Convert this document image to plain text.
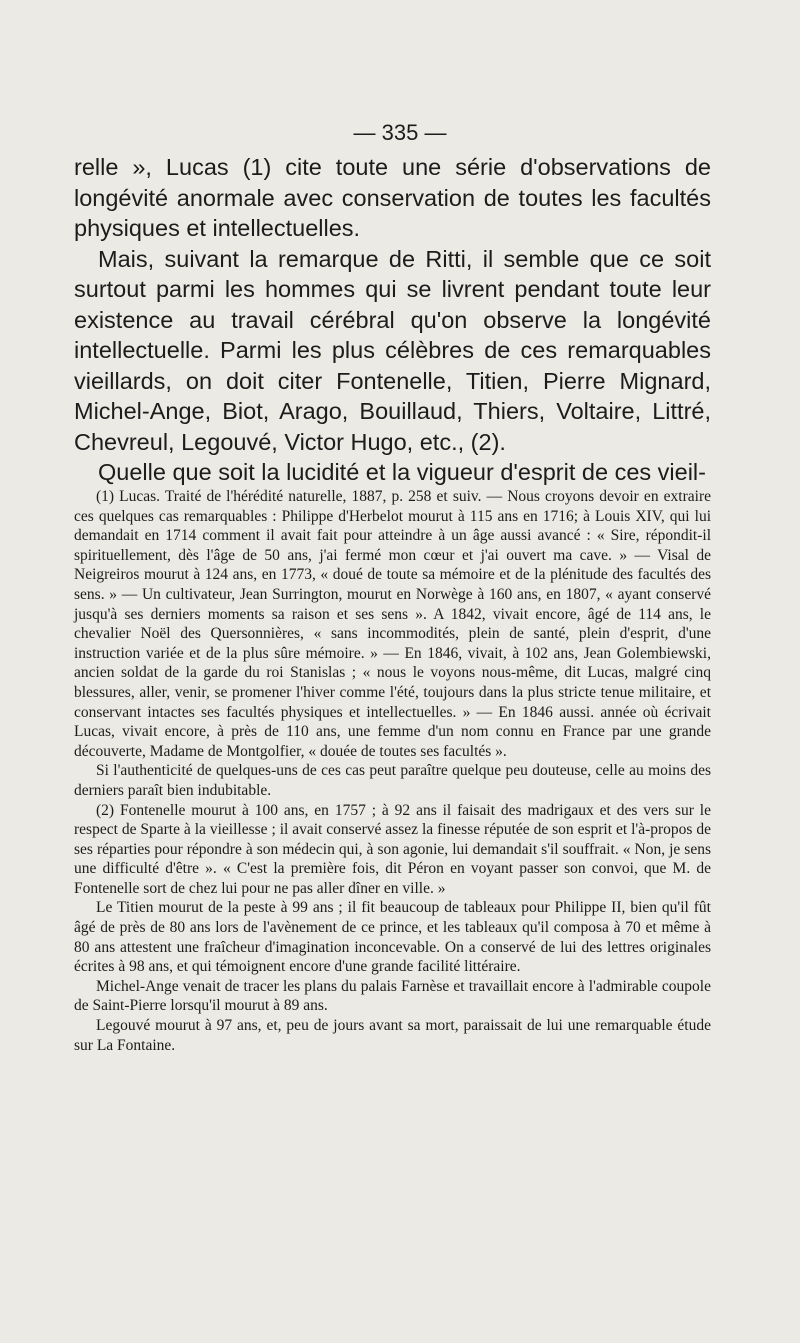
— 335 —

relle », Lucas (1) cite toute une série d'observations de longévité anormale avec conservation de toutes les facultés physiques et intellectuelles.

Mais, suivant la remarque de Ritti, il semble que ce soit surtout parmi les hommes qui se livrent pendant toute leur existence au travail cérébral qu'on observe la longévité intellectuelle. Parmi les plus célèbres de ces remarquables vieillards, on doit citer Fontenelle, Titien, Pierre Mignard, Michel-Ange, Biot, Arago, Bouillaud, Thiers, Voltaire, Littré, Chevreul, Legouvé, Victor Hugo, etc., (2).

Quelle que soit la lucidité et la vigueur d'esprit de ces vieil-

(1) Lucas. Traité de l'hérédité naturelle, 1887, p. 258 et suiv. — Nous croyons devoir en extraire ces quelques cas remarquables : Philippe d'Herbelot mourut à 115 ans en 1716; à Louis XIV, qui lui demandait en 1714 comment il avait fait pour atteindre à un âge aussi avancé : « Sire, répondit-il spirituellement, dès l'âge de 50 ans, j'ai fermé mon cœur et j'ai ouvert ma cave. » — Visal de Neigreiros mourut à 124 ans, en 1773, « doué de toute sa mémoire et de la plénitude des facultés des sens. » — Un cultivateur, Jean Surrington, mourut en Norwège à 160 ans, en 1807, « ayant conservé jusqu'à ses derniers moments sa raison et ses sens ». A 1842, vivait encore, âgé de 114 ans, le chevalier Noël des Quersonnières, « sans incommodités, plein de santé, plein d'esprit, d'une instruction variée et de la plus sûre mémoire. » — En 1846, vivait, à 102 ans, Jean Golembiewski, ancien soldat de la garde du roi Stanislas ; « nous le voyons nous-même, dit Lucas, malgré cinq blessures, aller, venir, se promener l'hiver comme l'été, toujours dans la plus stricte tenue militaire, et conservant intactes ses facultés physiques et intellectuelles. » — En 1846 aussi. année où écrivait Lucas, vivait encore, à près de 110 ans, une femme d'un nom connu en France par une grande découverte, Madame de Montgolfier, « douée de toutes ses facultés ».

Si l'authenticité de quelques-uns de ces cas peut paraître quelque peu douteuse, celle au moins des derniers paraît bien indubitable.

(2) Fontenelle mourut à 100 ans, en 1757 ; à 92 ans il faisait des madrigaux et des vers sur le respect de Sparte à la vieillesse ; il avait conservé assez la finesse réputée de son esprit et l'à-propos de ses réparties pour répondre à son médecin qui, à son agonie, lui demandait s'il souffrait. « Non, je sens une difficulté d'être ». « C'est la première fois, dit Péron en voyant passer son convoi, que M. de Fontenelle sort de chez lui pour ne pas aller dîner en ville. »

Le Titien mourut de la peste à 99 ans ; il fit beaucoup de tableaux pour Philippe II, bien qu'il fût âgé de près de 80 ans lors de l'avènement de ce prince, et les tableaux qu'il composa à 70 et même à 80 ans attestent une fraîcheur d'imagination inconcevable. On a conservé de lui des lettres originales écrites à 98 ans, et qui témoignent encore d'une grande facilité littéraire.

Michel-Ange venait de tracer les plans du palais Farnèse et travaillait encore à l'admirable coupole de Saint-Pierre lorsqu'il mourut à 89 ans.

Legouvé mourut à 97 ans, et, peu de jours avant sa mort, paraissait de lui une remarquable étude sur La Fontaine.
